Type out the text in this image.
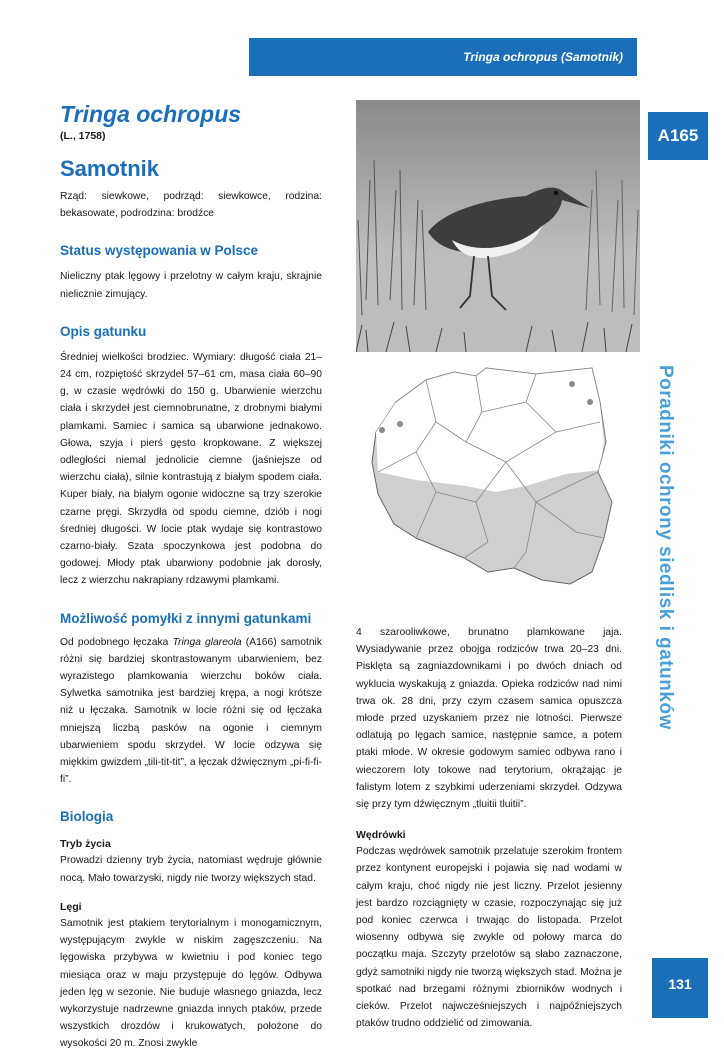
Tringa ochropus (Samotnik)
A165
Poradniki ochrony siedlisk i gatunków
131
Tringa ochropus
(L., 1758)
Samotnik
Rząd: siewkowe, podrząd: siewkowce, rodzina: bekasowate, podrodzina: brodźce
Status występowania w Polsce
Nieliczny ptak lęgowy i przelotny w całym kraju, skrajnie nielicznie zimujący.
Opis gatunku
Średniej wielkości brodziec. Wymiary: długość ciała 21–24 cm, rozpiętość skrzydeł 57–61 cm, masa ciała 60–90 g, w czasie wędrówki do 150 g. Ubarwienie wierzchu ciała i skrzydeł jest ciemnobrunatne, z drobnymi białymi plamkami. Samiec i samica są ubarwione jednakowo. Głowa, szyja i pierś gęsto kropkowane. Z większej odległości niemal jednolicie ciemne (jaśniejsze od wierzchu ciała), silnie kontrastują z białym spodem ciała. Kuper biały, na białym ogonie widoczne są trzy szerokie czarne pręgi. Skrzydła od spodu ciemne, dziób i nogi średniej długości. W locie ptak wydaje się kontrastowo czarno-biały. Szata spoczynkowa jest podobna do godowej. Młody ptak ubarwiony podobnie jak dorosły, lecz z wierzchu nakrapiany rdzawymi plamkami.
Możliwość pomyłki z innymi gatunkami
Od podobnego łęczaka Tringa glareola (A166) samotnik różni się bardziej skontrastowanym ubarwieniem, bez wyrazistego plamkowania wierzchu boków ciała. Sylwetka samotnika jest bardziej krępa, a nogi krótsze niż u łęczaka. Samotnik w locie różni się od łęczaka mniejszą liczbą pasków na ogonie i ciemnym ubarwieniem spodu skrzydeł. W locie odzywa się miękkim gwizdem „tili-tit-tit”, a łęczak dźwięcznym „pi-fi-fi-fi”.
Biologia
Tryb życia
Prowadzi dzienny tryb życia, natomiast wędruje głównie nocą. Mało towarzyski, nigdy nie tworzy większych stad.
Lęgi
Samotnik jest ptakiem terytorialnym i monogamicznym, występującym zwykle w niskim zagęszczeniu. Na lęgowiska przybywa w kwietniu i pod koniec tego miesiąca oraz w maju przystępuje do lęgów. Odbywa jeden lęg w sezonie. Nie buduje własnego gniazda, lecz wykorzystuje nadrzewne gniazda innych ptaków, przede wszystkich drozdów i krukowatych, położone do wysokości 20 m. Znosi zwykle
4 szarooliwkowe, brunatno plamkowane jaja. Wysiadywanie przez obojga rodziców trwa 20–23 dni. Pisklęta są zagniazdownikami i po dwóch dniach od wyklucia wyskakują z gniazda. Opieka rodziców nad nimi trwa ok. 28 dni, przy czym czasem samica opuszcza młode przed uzyskaniem przez nie lotności. Pierwsze odlatują po lęgach samice, następnie samce, a potem ptaki młode. W okresie godowym samiec odbywa rano i wieczorem loty tokowe nad terytorium, okrążając je falistym lotem z szybkimi uderzeniami skrzydeł. Odzywa się przy tym dźwięcznym „tluitii tluitii”.
Wędrówki
Podczas wędrówek samotnik przelatuje szerokim frontem przez kontynent europejski i pojawia się nad wodami w całym kraju, choć nigdy nie jest liczny. Przelot jesienny jest bardzo rozciągnięty w czasie, rozpoczynając się już pod koniec czerwca i trwając do listopada. Przelot wiosenny odbywa się zwykle od połowy marca do początku maja. Szczyty przelotów są słabo zaznaczone, gdyż samotniki nigdy nie tworzą większych stad. Można je spotkać nad brzegami różnymi zbiorników wodnych i cieków. Przelot najwcześniejszych i najpóźniejszych ptaków trudno oddzielić od zimowania.
